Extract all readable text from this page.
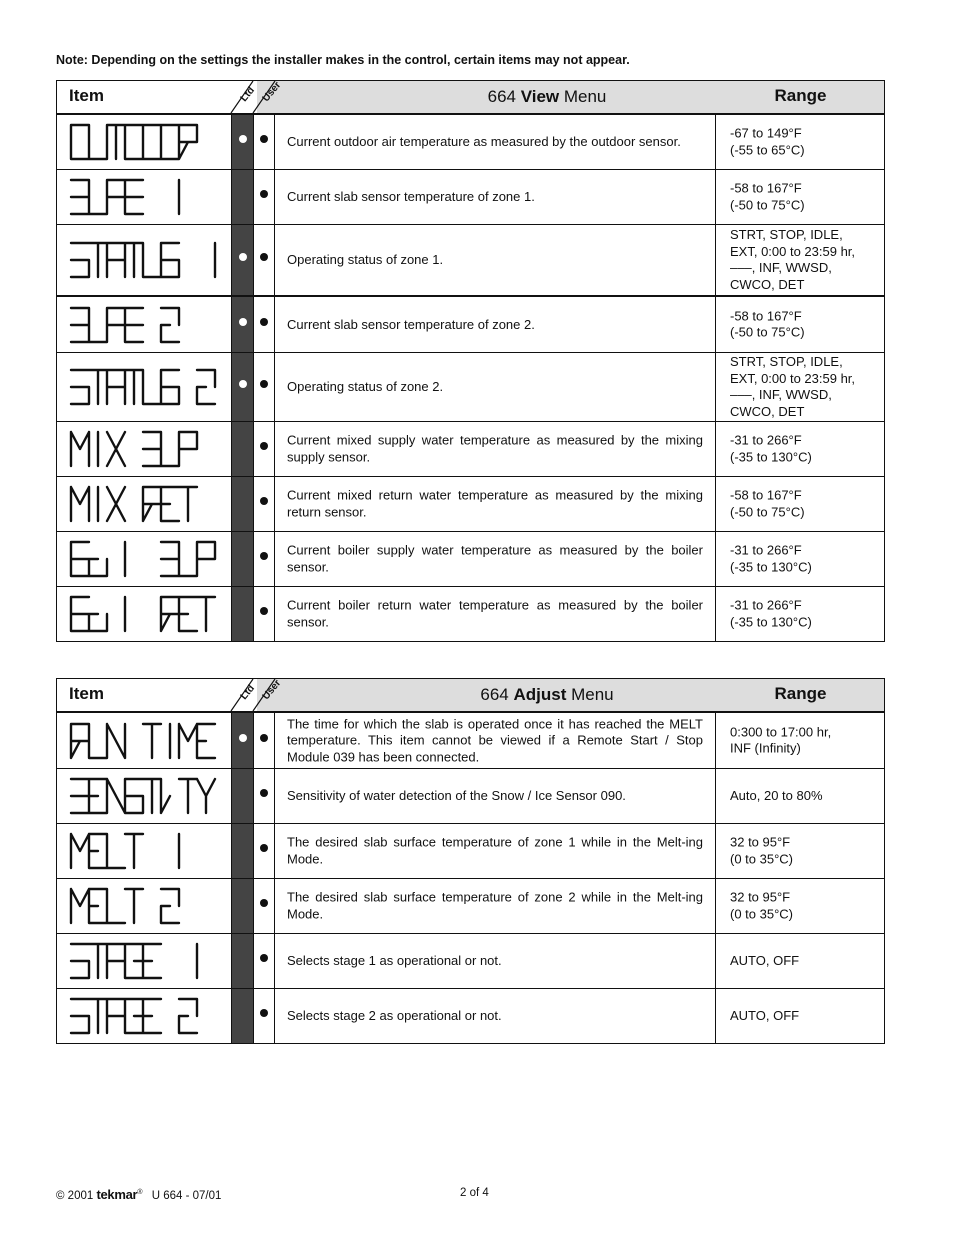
Note: Depending on the settings the installer makes in the control, certain items may not appear.
Item	Ltd User	664 View Menu	Range
Current outdoor air temperature as measured by the outdoor sensor.
-67 to 149°F
(-55 to 65°C)
Current slab sensor temperature of zone 1.
-58 to 167°F
(-50 to 75°C)
Operating status of zone 1.
STRT, STOP, IDLE, EXT, 0:00 to 23:59 hr, –––, INF, WWSD, CWCO, DET
Current slab sensor temperature of zone 2.
-58 to 167°F
(-50 to 75°C)
Operating status of zone 2.
STRT, STOP, IDLE, EXT, 0:00 to 23:59 hr, –––, INF, WWSD, CWCO, DET
Current mixed supply water temperature as measured by the mixing supply sensor.
-31 to 266°F
(-35 to 130°C)
Current mixed return water temperature as measured by the mixing return sensor.
-58 to 167°F
(-50 to 75°C)
Current boiler supply water temperature as measured by the boiler sensor.
-31 to 266°F
(-35 to 130°C)
Current boiler return water temperature as measured by the boiler sensor.
-31 to 266°F
(-35 to 130°C)
Item	Ltd User	664 Adjust Menu	Range
The time for which the slab is operated once it has reached the MELT temperature. This item cannot be viewed if a Remote Start / Stop Module 039 has been connected.
0:300 to 17:00 hr,
INF (Infinity)
Sensitivity of water detection of the Snow / Ice Sensor 090.	Auto, 20 to 80%
The desired slab surface temperature of zone 1 while in the Melt-ing Mode.
32 to 95°F
(0 to 35°C)
The desired slab surface temperature of zone 2 while in the Melt-ing Mode.
32 to 95°F
(0 to 35°C)
Selects stage 1 as operational or not.	AUTO, OFF
Selects stage 2 as operational or not.	AUTO, OFF
© 2001 tekmar® U 664 - 07/01	2 of 4
